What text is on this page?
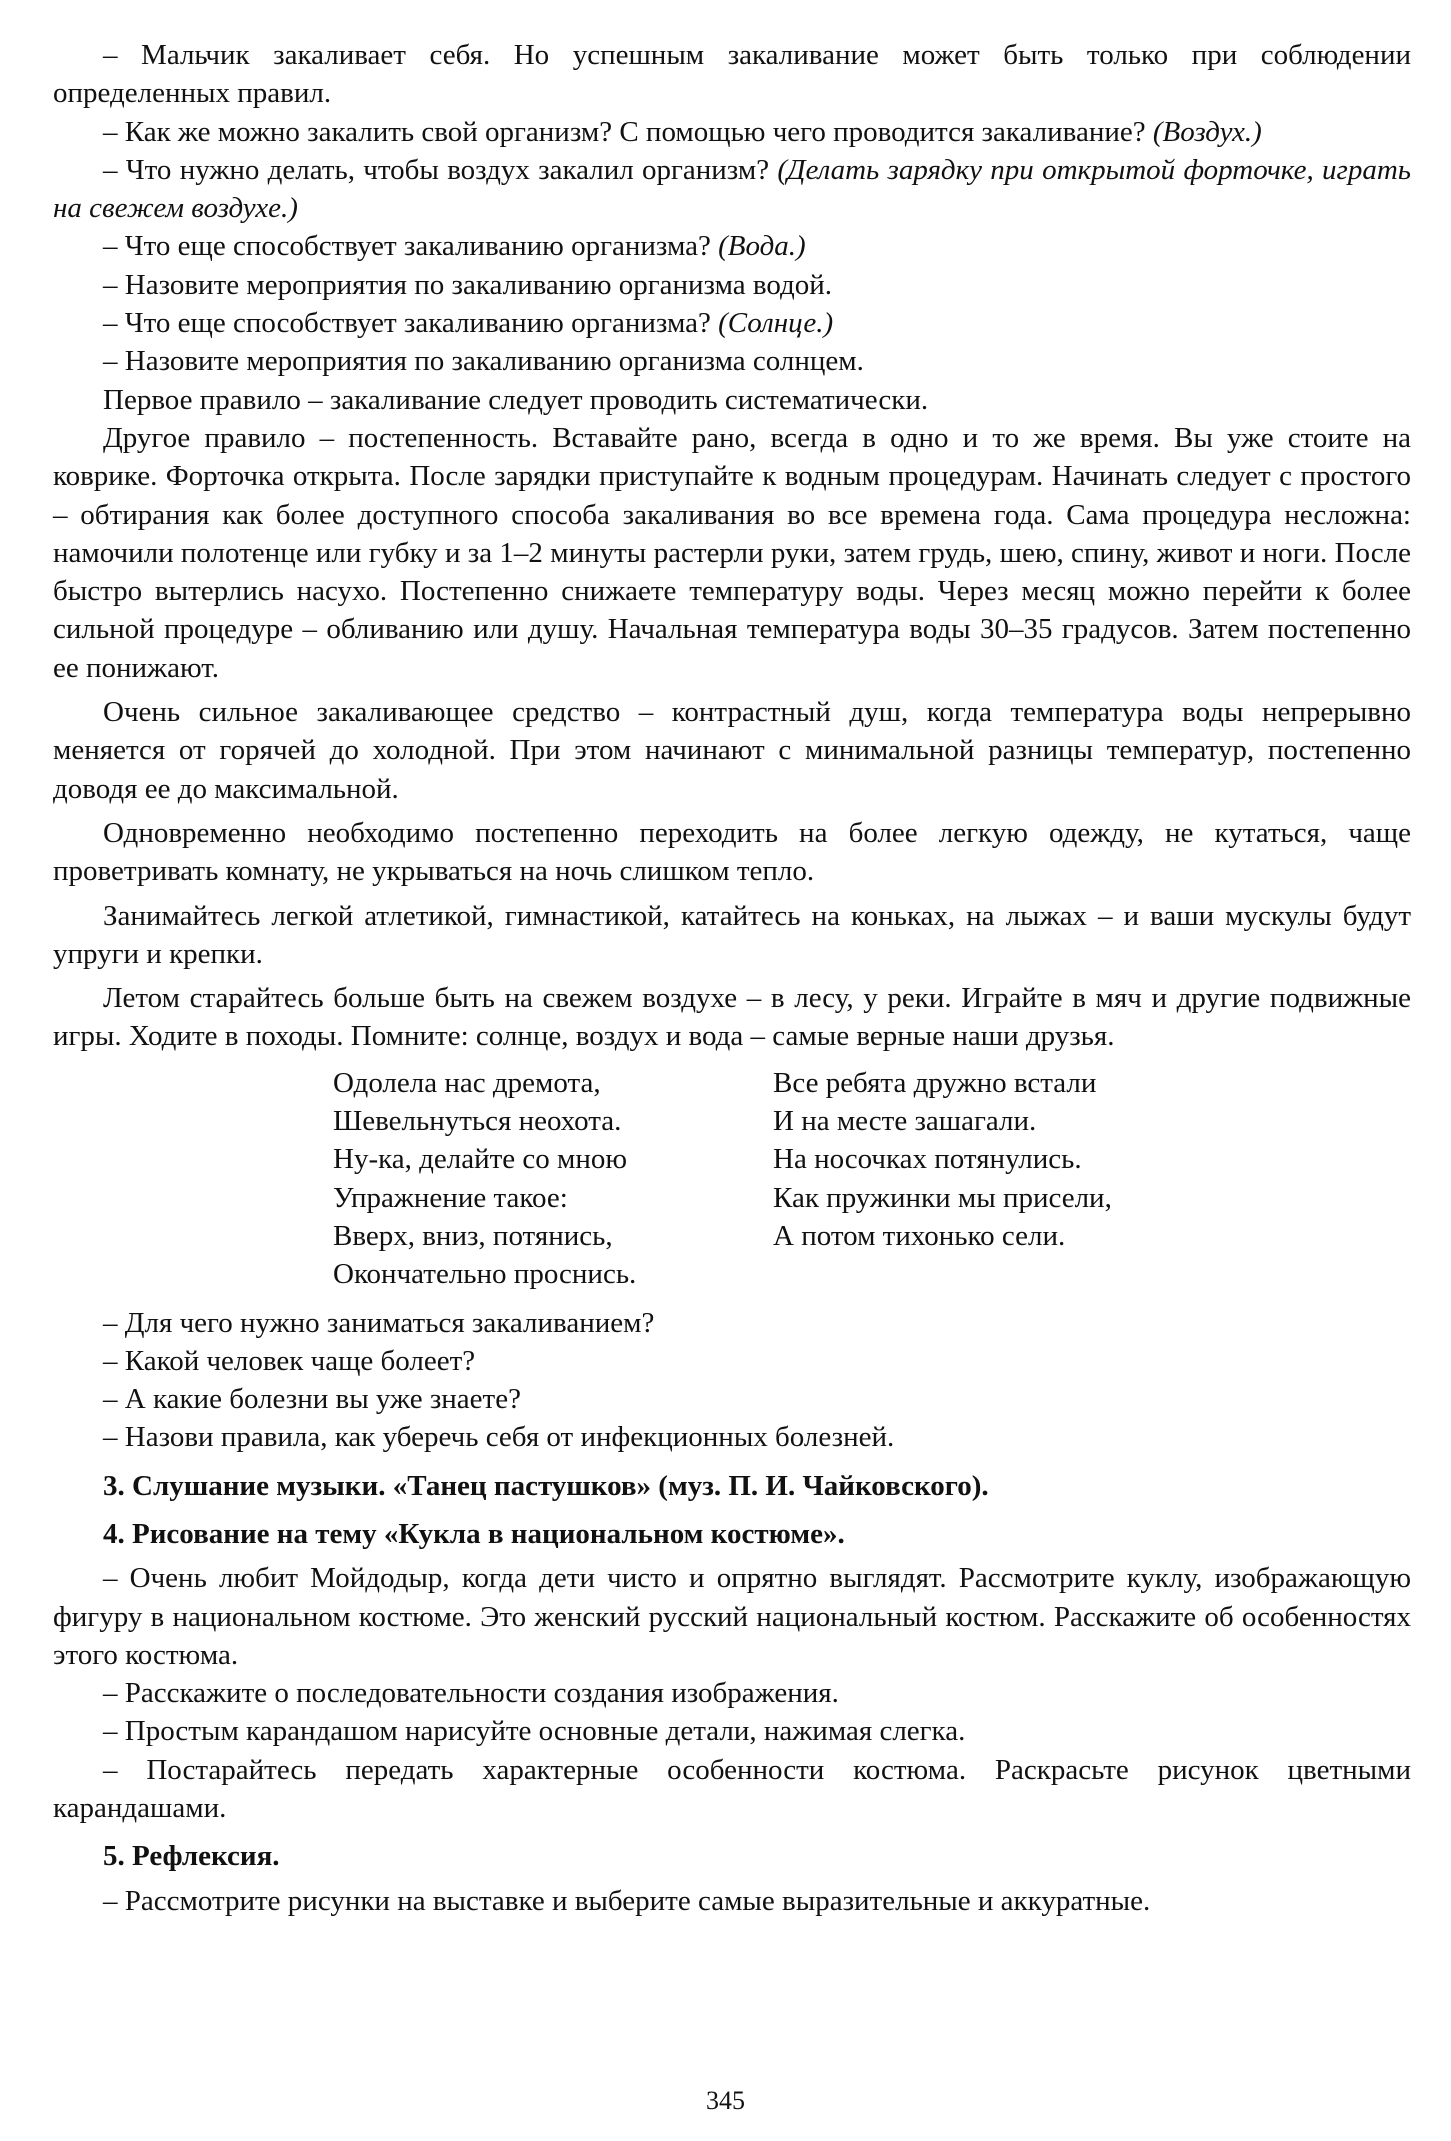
– Мальчик закаливает себя. Но успешным закаливание может быть только при соблюдении определенных правил.

– Как же можно закалить свой организм? С помощью чего проводится закаливание? (Воздух.)

– Что нужно делать, чтобы воздух закалил организм? (Делать зарядку при открытой форточке, играть на свежем воздухе.)

– Что еще способствует закаливанию организма? (Вода.)

– Назовите мероприятия по закаливанию организма водой.

– Что еще способствует закаливанию организма? (Солнце.)

– Назовите мероприятия по закаливанию организма солнцем.

Первое правило – закаливание следует проводить систематически.

Другое правило – постепенность. Вставайте рано, всегда в одно и то же время. Вы уже стоите на коврике. Форточка открыта. После зарядки приступайте к водным процедурам. Начинать следует с простого – обтирания как более доступного способа закаливания во все времена года. Сама процедура несложна: намочили полотенце или губку и за 1–2 минуты растерли руки, затем грудь, шею, спину, живот и ноги. После быстро вытерлись насухо. Постепенно снижаете температуру воды. Через месяц можно перейти к более сильной процедуре – обливанию или душу. Начальная температура воды 30–35 градусов. Затем постепенно ее понижают.

Очень сильное закаливающее средство – контрастный душ, когда температура воды непрерывно меняется от горячей до холодной. При этом начинают с минимальной разницы температур, постепенно доводя ее до максимальной.

Одновременно необходимо постепенно переходить на более легкую одежду, не кутаться, чаще проветривать комнату, не укрываться на ночь слишком тепло.

Занимайтесь легкой атлетикой, гимнастикой, катайтесь на коньках, на лыжах – и ваши мускулы будут упруги и крепки.

Летом старайтесь больше быть на свежем воздухе – в лесу, у реки. Играйте в мяч и другие подвижные игры. Ходите в походы. Помните: солнце, воздух и вода – самые верные наши друзья.

Одолела нас дремота,
Шевельнуться неохота.
Ну-ка, делайте со мною
Упражнение такое:
Вверх, вниз, потянись,
Окончательно проснись.
Все ребята дружно встали
И на месте зашагали.
На носочках потянулись.
Как пружинки мы присели,
А потом тихонько сели.

– Для чего нужно заниматься закаливанием?

– Какой человек чаще болеет?

– А какие болезни вы уже знаете?

– Назови правила, как уберечь себя от инфекционных болезней.

3. Слушание музыки. «Танец пастушков» (муз. П. И. Чайковского).

4. Рисование на тему «Кукла в национальном костюме».

– Очень любит Мойдодыр, когда дети чисто и опрятно выглядят. Рассмотрите куклу, изображающую фигуру в национальном костюме. Это женский русский национальный костюм. Расскажите об особенностях этого костюма.

– Расскажите о последовательности создания изображения.

– Простым карандашом нарисуйте основные детали, нажимая слегка.

– Постарайтесь передать характерные особенности костюма. Раскрасьте рисунок цветными карандашами.

5. Рефлексия.

– Рассмотрите рисунки на выставке и выберите самые выразительные и аккуратные.

345
